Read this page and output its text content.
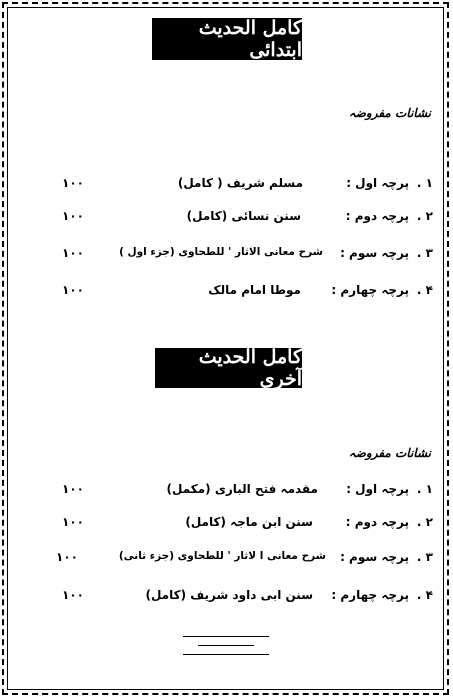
کامل الحدیث ابتدائی
نشانات مفروضہ
۱ .
پرچہ اول :
مسلم شریف ( کامل)
۱۰۰
۲ .
پرچہ دوم :
سنن نسائی (کامل)
۱۰۰
۳ .
پرچہ سوم :
شرح معانی الاثار ' للطحاوی (جزء اول )
۱۰۰
۴ .
پرچہ چھارم :
موطا امام مالک
۱۰۰
کامل الحدیث آخری
نشانات مفروضہ
۱ .
پرچہ اول :
مقدمہ فتح الباری (مکمل)
۱۰۰
۲ .
پرچہ دوم :
سنن ابن ماجہ (کامل)
۱۰۰
۳ .
پرچہ سوم :
شرح معانی ا لاثار ' للطحاوی (جزء ثانی)
۱۰۰
۴ .
پرچہ چھارم :
سنن ابی داود شریف (کامل)
۱۰۰
